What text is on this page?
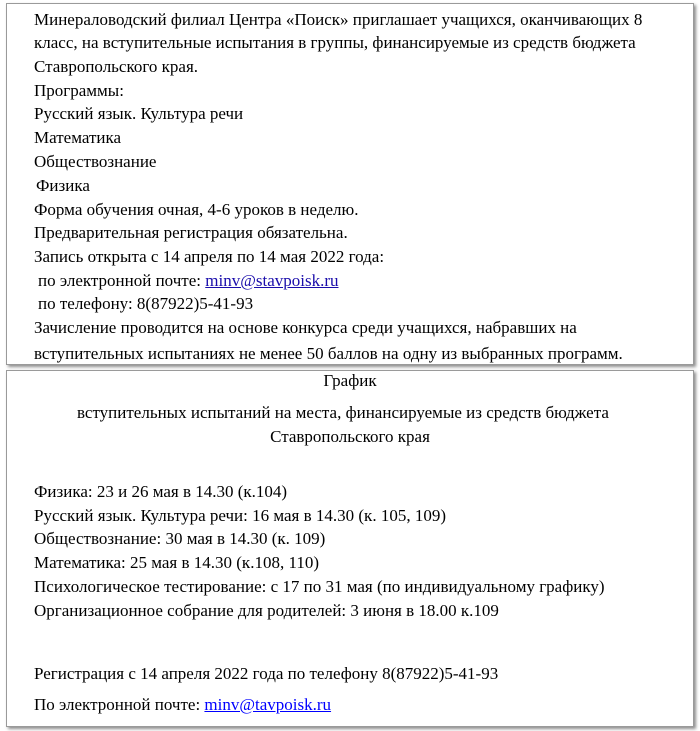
Минераловодский филиал Центра «Поиск» приглашает учащихся, оканчивающих 8
класс, на вступительные испытания в группы, финансируемые из средств бюджета
Ставропольского края.
Программы:
Русский язык. Культура речи
Математика
Обществознание
Физика
Форма обучения очная, 4-6 уроков в неделю.
Предварительная регистрация обязательна.
Запись открыта с 14 апреля по 14 мая 2022 года:
по электронной почте: minv@stavpoisk.ru
по телефону: 8(87922)5-41-93
Зачисление проводится на основе конкурса среди учащихся, набравших на
вступительных испытаниях не менее 50 баллов на одну из выбранных программ.
График
вступительных испытаний на места, финансируемые из средств бюджета
Ставропольского края
Физика: 23 и 26 мая в 14.30 (к.104)
Русский язык. Культура речи: 16 мая в 14.30 (к. 105, 109)
Обществознание: 30 мая в 14.30 (к. 109)
Математика: 25 мая в 14.30 (к.108, 110)
Психологическое тестирование: с 17 по 31 мая (по индивидуальному графику)
Организационное собрание для родителей: 3 июня в 18.00 к.109
Регистрация с 14 апреля 2022 года по телефону 8(87922)5-41-93
По электронной почте: minv@tavpoisk.ru
